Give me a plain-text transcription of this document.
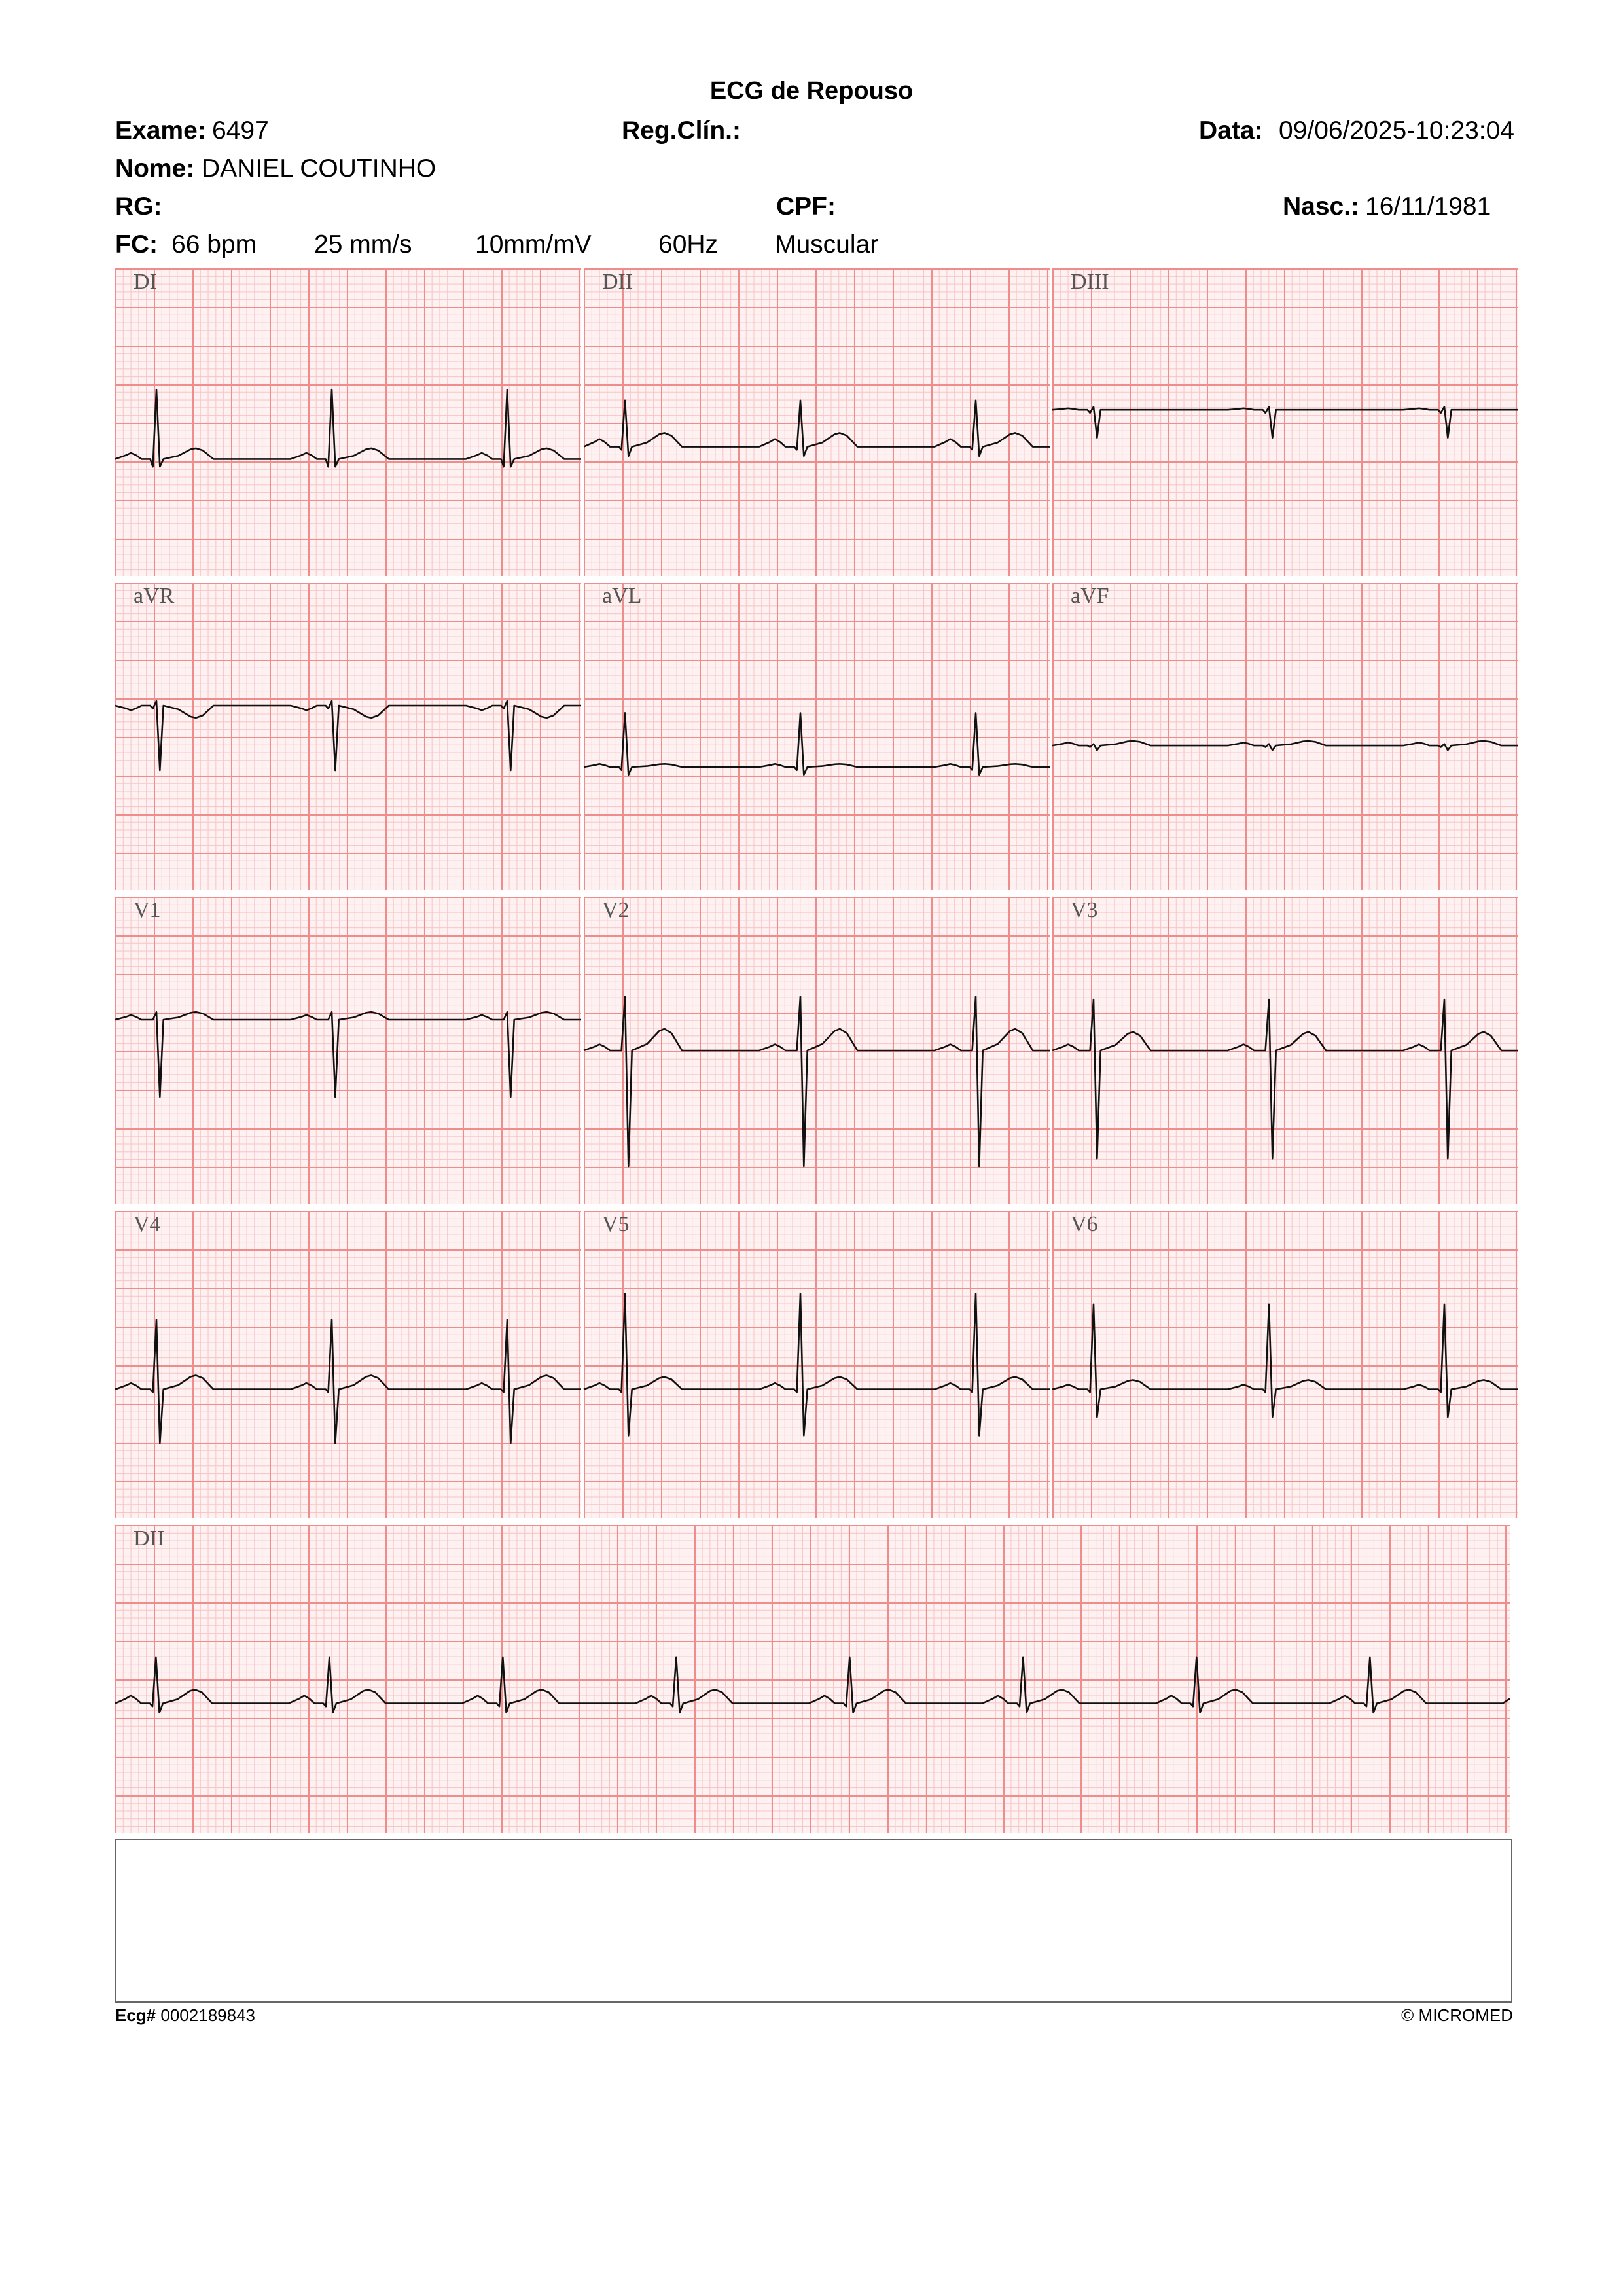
ECG de Repouso
Exame: 6497	Reg.Clín.:	Data: 09/06/2025-10:23:04
Nome: DANIEL COUTINHO
RG:	CPF:	Nasc.: 16/11/1981
FC: 66 bpm 25 mm/s 10mm/mV	60Hz Muscular
DI	DII	DIII
aVR	aVL	aVF
V1	V2	V3
V4	V5	V6
DII
Ecg# 0002189843	© MICROMED
